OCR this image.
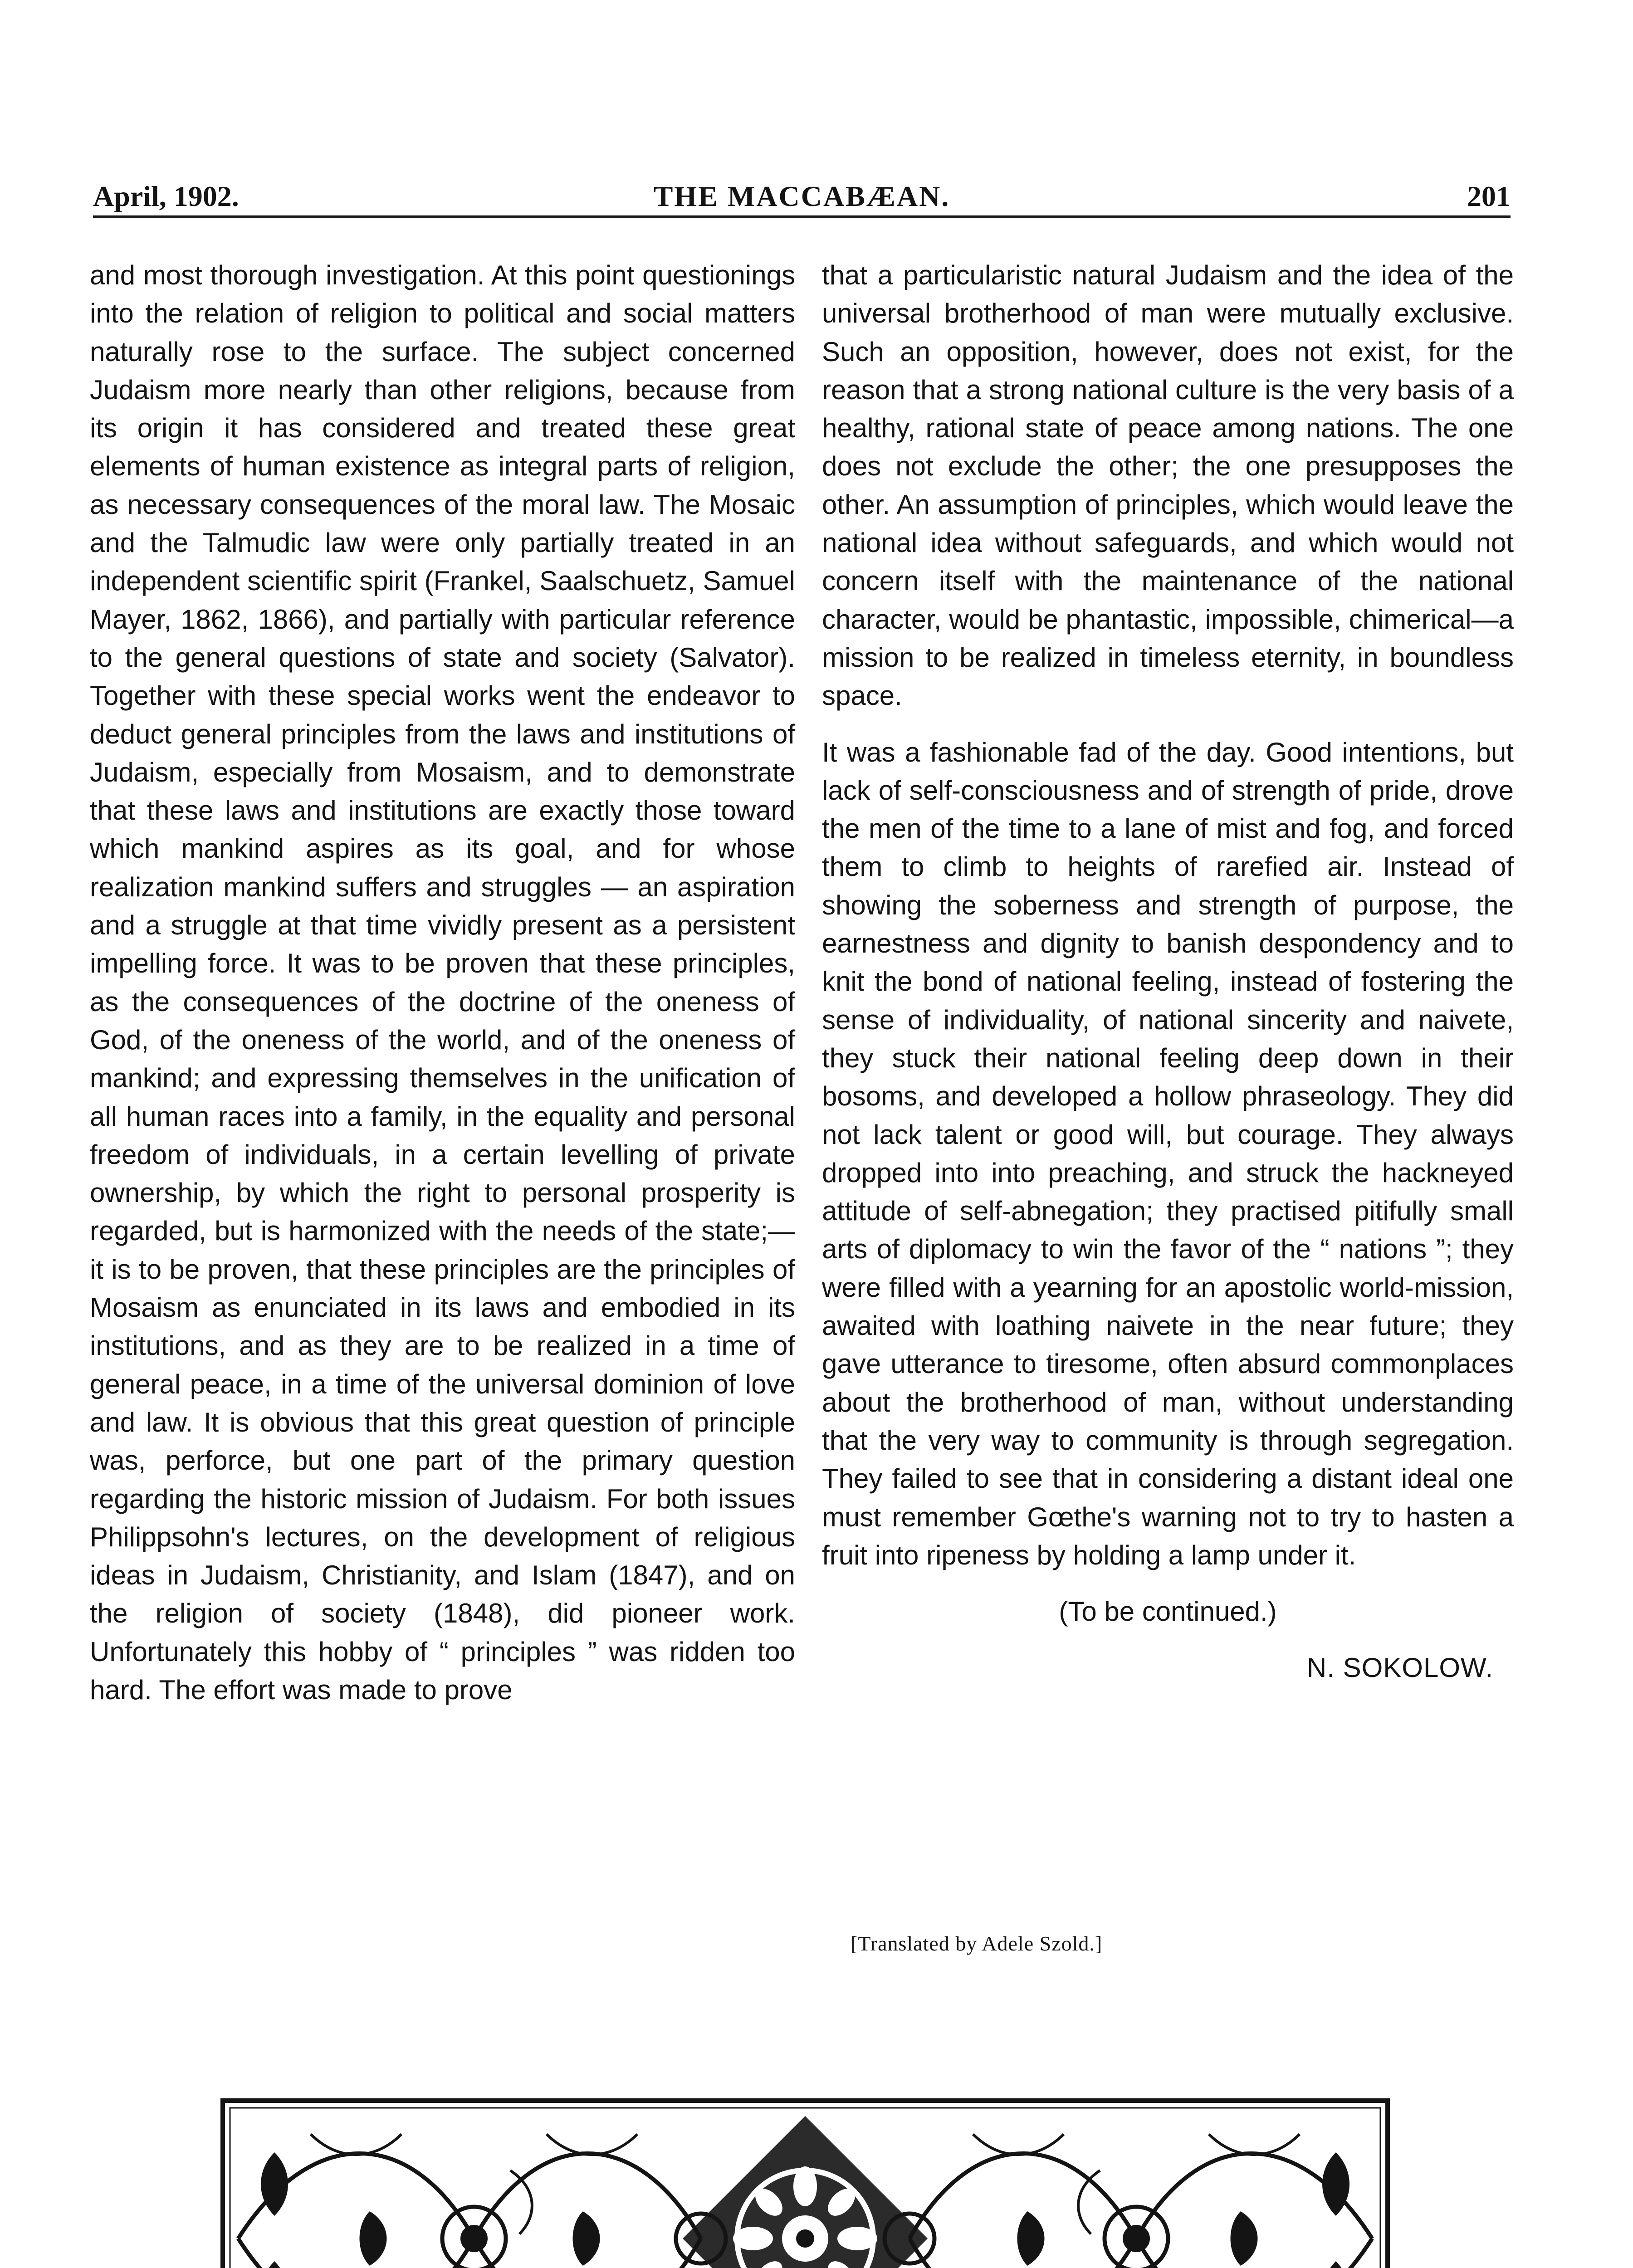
April, 1902.	THE MACCABÆAN.	201

and most thorough investigation. At this point questionings into the relation of religion to political and social matters naturally rose to the surface. The subject concerned Judaism more nearly than other religions, because from its origin it has considered and treated these great elements of human existence as integral parts of religion, as necessary consequences of the moral law. The Mosaic and the Talmudic law were only partially treated in an independent scientific spirit (Frankel, Saalschuetz, Samuel Mayer, 1862, 1866), and partially with particular reference to the general questions of state and society (Salvator). Together with these special works went the endeavor to deduct general principles from the laws and institutions of Judaism, especially from Mosaism, and to demonstrate that these laws and institutions are exactly those toward which mankind aspires as its goal, and for whose realization mankind suffers and struggles — an aspiration and a struggle at that time vividly present as a persistent impelling force. It was to be proven that these principles, as the consequences of the doctrine of the oneness of God, of the oneness of the world, and of the oneness of mankind; and expressing themselves in the unification of all human races into a family, in the equality and personal freedom of individuals, in a certain levelling of private ownership, by which the right to personal prosperity is regarded, but is harmonized with the needs of the state;—it is to be proven, that these principles are the principles of Mosaism as enunciated in its laws and embodied in its institutions, and as they are to be realized in a time of general peace, in a time of the universal dominion of love and law. It is obvious that this great question of principle was, perforce, but one part of the primary question regarding the historic mission of Judaism. For both issues Philippsohn's lectures, on the development of religious ideas in Judaism, Christianity, and Islam (1847), and on the religion of society (1848), did pioneer work. Unfortunately this hobby of “ principles ” was ridden too hard. The effort was made to prove

that a particularistic natural Judaism and the idea of the universal brotherhood of man were mutually exclusive. Such an opposition, however, does not exist, for the reason that a strong national culture is the very basis of a healthy, rational state of peace among nations. The one does not exclude the other; the one presupposes the other. An assumption of principles, which would leave the national idea without safeguards, and which would not concern itself with the maintenance of the national character, would be phantastic, impossible, chimerical—a mission to be realized in timeless eternity, in boundless space.

It was a fashionable fad of the day. Good intentions, but lack of self-consciousness and of strength of pride, drove the men of the time to a lane of mist and fog, and forced them to climb to heights of rarefied air. Instead of showing the soberness and strength of purpose, the earnestness and dignity to banish despondency and to knit the bond of national feeling, instead of fostering the sense of individuality, of national sincerity and naivete, they stuck their national feeling deep down in their bosoms, and developed a hollow phraseology. They did not lack talent or good will, but courage. They always dropped into into preaching, and struck the hackneyed attitude of self-abnegation; they practised pitifully small arts of diplomacy to win the favor of the “ nations ”; they were filled with a yearning for an apostolic world-mission, awaited with loathing naivete in the near future; they gave utterance to tiresome, often absurd commonplaces about the brotherhood of man, without understanding that the very way to community is through segregation. They failed to see that in considering a distant ideal one must remember Gœthe's warning not to try to hasten a fruit into ripeness by holding a lamp under it.

(To be continued.)

N. SOKOLOW.

[Translated by Adele Szold.]
